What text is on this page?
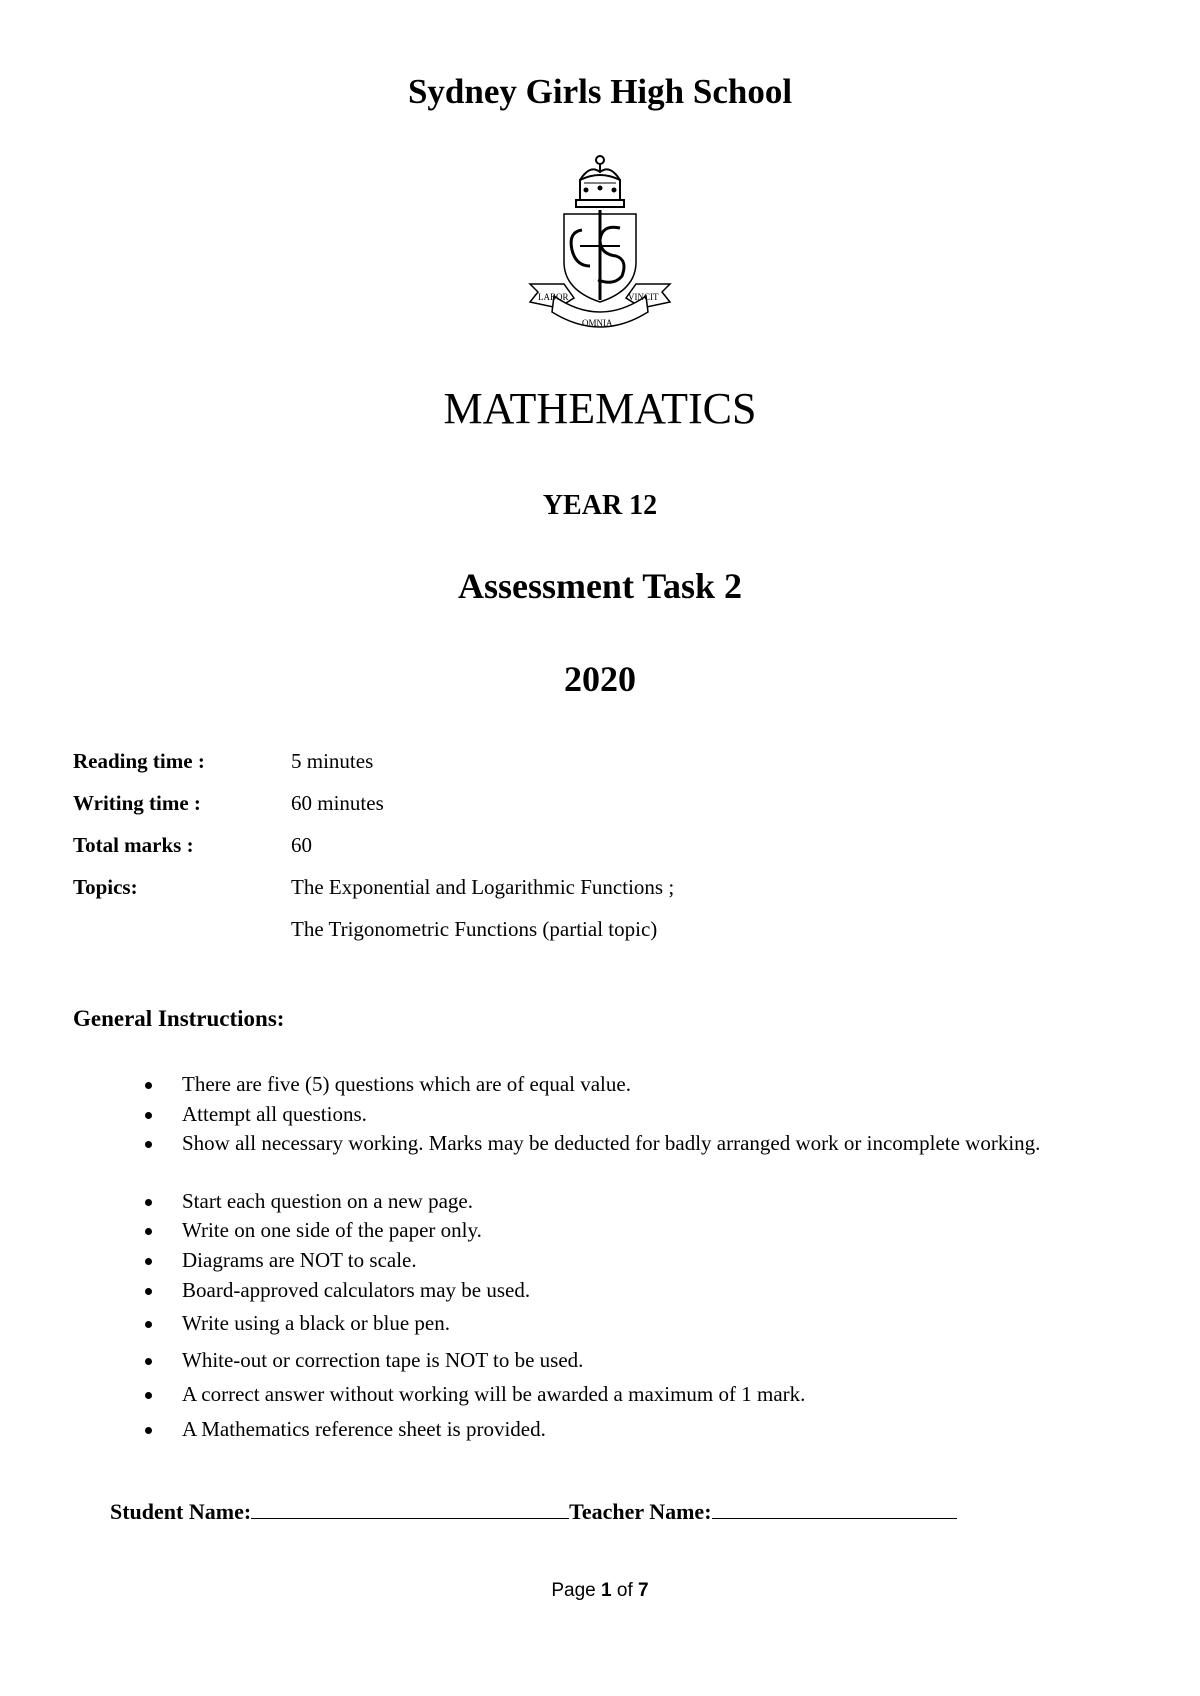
Sydney Girls High School
LABOR
OMNIA
VINCIT
MATHEMATICS
YEAR 12
Assessment Task 2
2020
Reading time :	5 minutes
Writing time :	60 minutes
Total marks :	60
Topics:	The Exponential and Logarithmic Functions ;
The Trigonometric Functions (partial topic)
General Instructions:
There are five (5) questions which are of equal value.
Attempt all questions.
Show all necessary working. Marks may be deducted for badly arranged work or incomplete working.
Start each question on a new page.
Write on one side of the paper only.
Diagrams are NOT to scale.
Board-approved calculators may be used.
Write using a black or blue pen.
White-out or correction tape is NOT to be used.
A correct answer without working will be awarded a maximum of 1 mark.
A Mathematics reference sheet is provided.
Student Name:	Teacher Name:
Page 1 of 7
